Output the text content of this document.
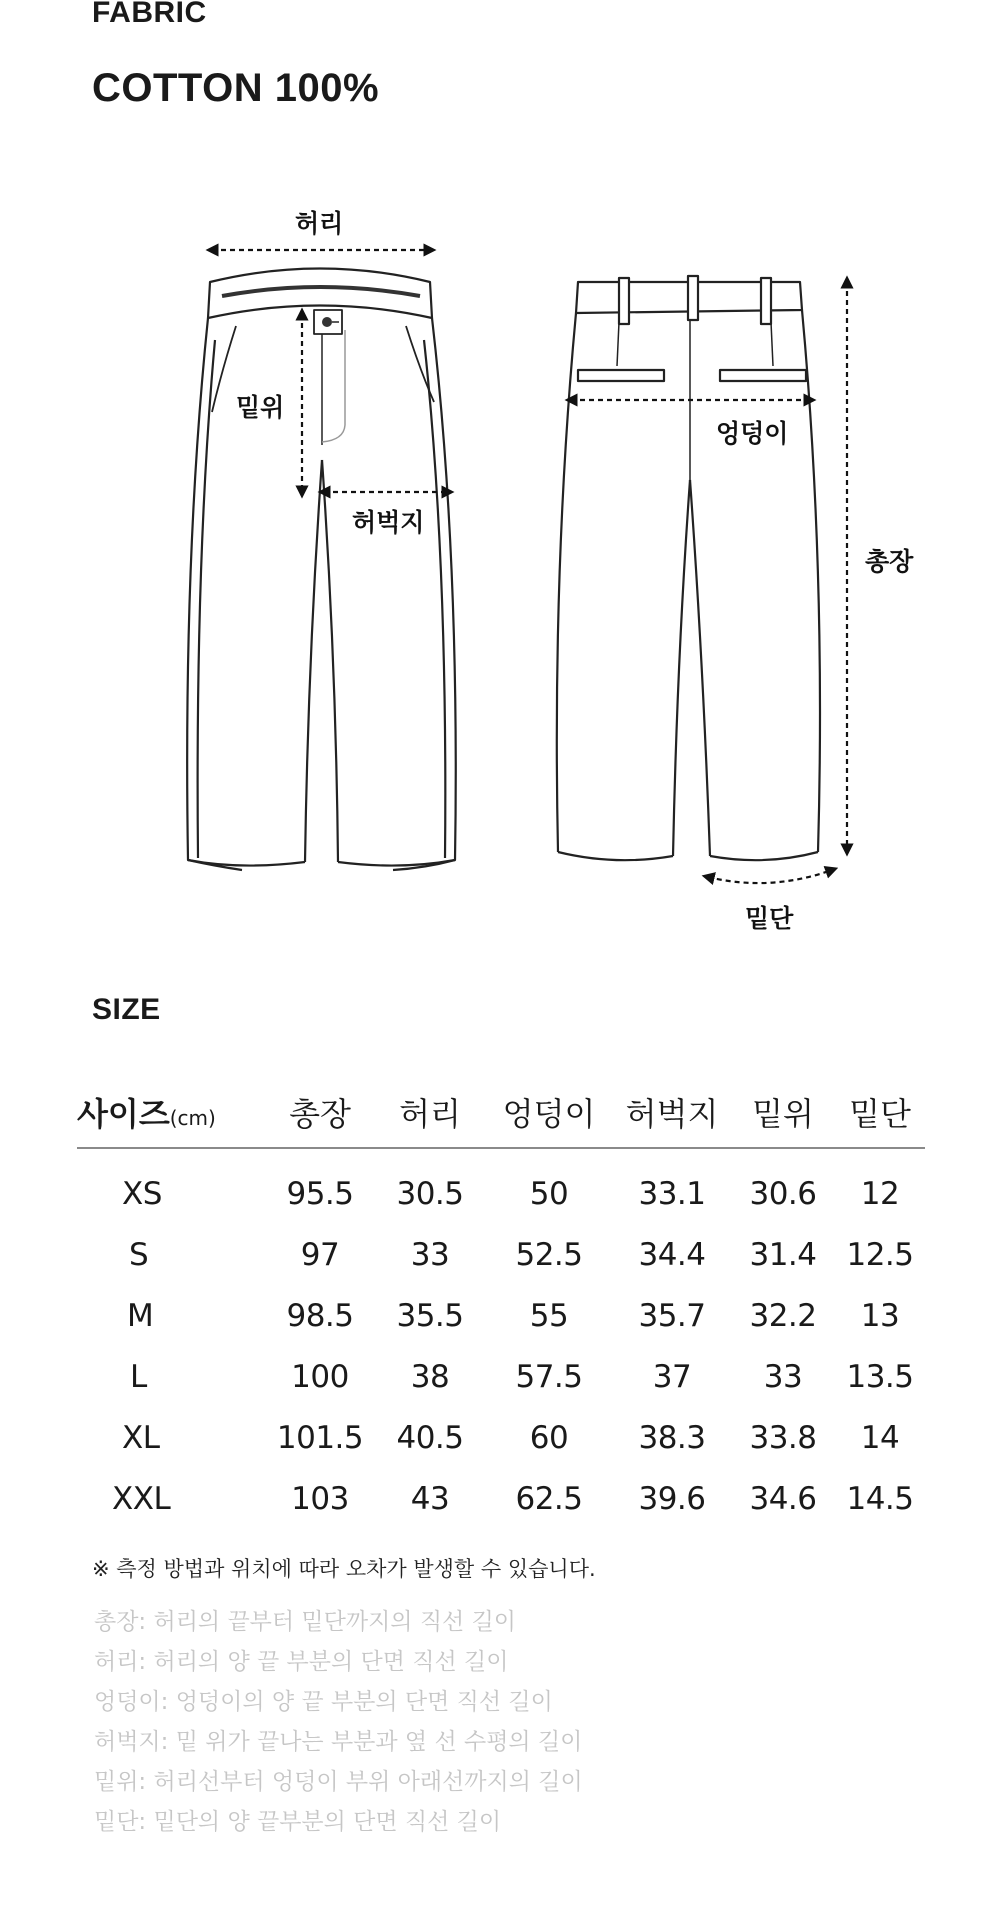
FABRIC
COTTON 100%
허리
밑위
허벅지
엉덩이
총장
밑단
SIZE
사이즈(cm)	총장	허리	엉덩이	허벅지	밑위	밑단
XS	95.5	30.5	50	33.1	30.6	12
S	97	33	52.5	34.4	31.4	12.5
M	98.5	35.5	55	35.7	32.2	13
L	100	38	57.5	37	33	13.5
XL	101.5	40.5	60	38.3	33.8	14
XXL	103	43	62.5	39.6	34.6	14.5
※ 측정 방법과 위치에 따라 오차가 발생할 수 있습니다.
총장: 허리의 끝부터 밑단까지의 직선 길이
허리: 허리의 양 끝 부분의 단면 직선 길이
엉덩이: 엉덩이의 양 끝 부분의 단면 직선 길이
허벅지: 밑 위가 끝나는 부분과 옆 선 수평의 길이
밑위: 허리선부터 엉덩이 부위 아래선까지의 길이
밑단: 밑단의 양 끝부분의 단면 직선 길이
